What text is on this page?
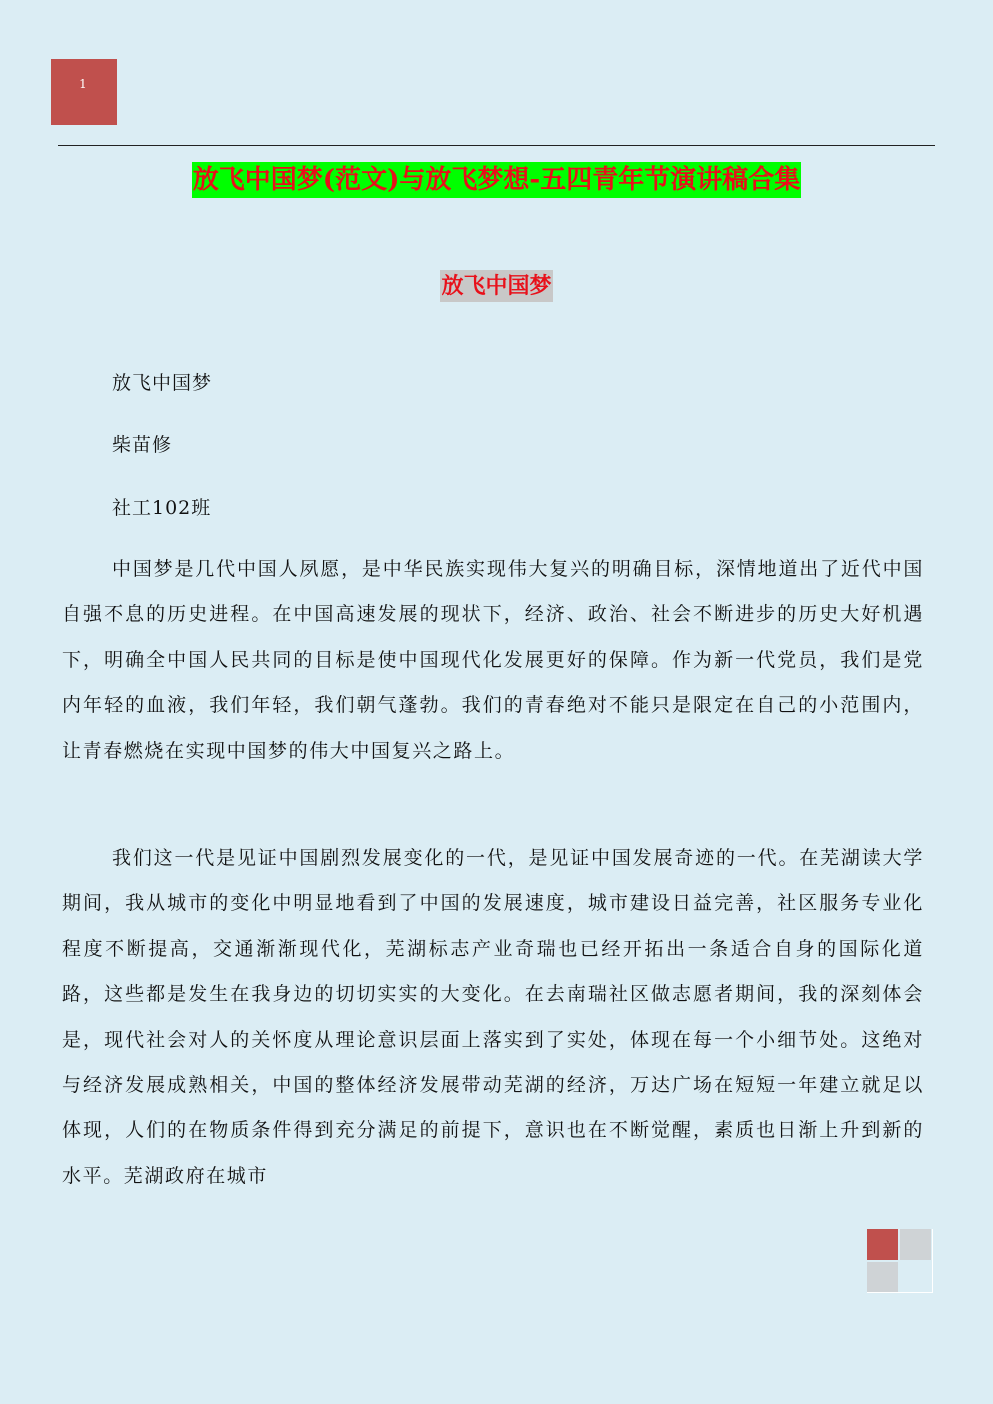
1
放飞中国梦(范文)与放飞梦想-五四青年节演讲稿合集
放飞中国梦
放飞中国梦
柴苗修
社工102班

中国梦是几代中国人夙愿，是中华民族实现伟大复兴的明确目标，深情地道出了近代中国自强不息的历史进程。在中国高速发展的现状下，经济、政治、社会不断进步的历史大好机遇下，明确全中国人民共同的目标是使中国现代化发展更好的保障。作为新一代党员，我们是党内年轻的血液，我们年轻，我们朝气蓬勃。我们的青春绝对不能只是限定在自己的小范围内，让青春燃烧在实现中国梦的伟大中国复兴之路上。

我们这一代是见证中国剧烈发展变化的一代，是见证中国发展奇迹的一代。在芜湖读大学期间，我从城市的变化中明显地看到了中国的发展速度，城市建设日益完善，社区服务专业化程度不断提高，交通渐渐现代化，芜湖标志产业奇瑞也已经开拓出一条适合自身的国际化道路，这些都是发生在我身边的切切实实的大变化。在去南瑞社区做志愿者期间，我的深刻体会是，现代社会对人的关怀度从理论意识层面上落实到了实处，体现在每一个小细节处。这绝对与经济发展成熟相关，中国的整体经济发展带动芜湖的经济，万达广场在短短一年建立就足以体现，人们的在物质条件得到充分满足的前提下，意识也在不断觉醒，素质也日渐上升到新的水平。芜湖政府在城市
